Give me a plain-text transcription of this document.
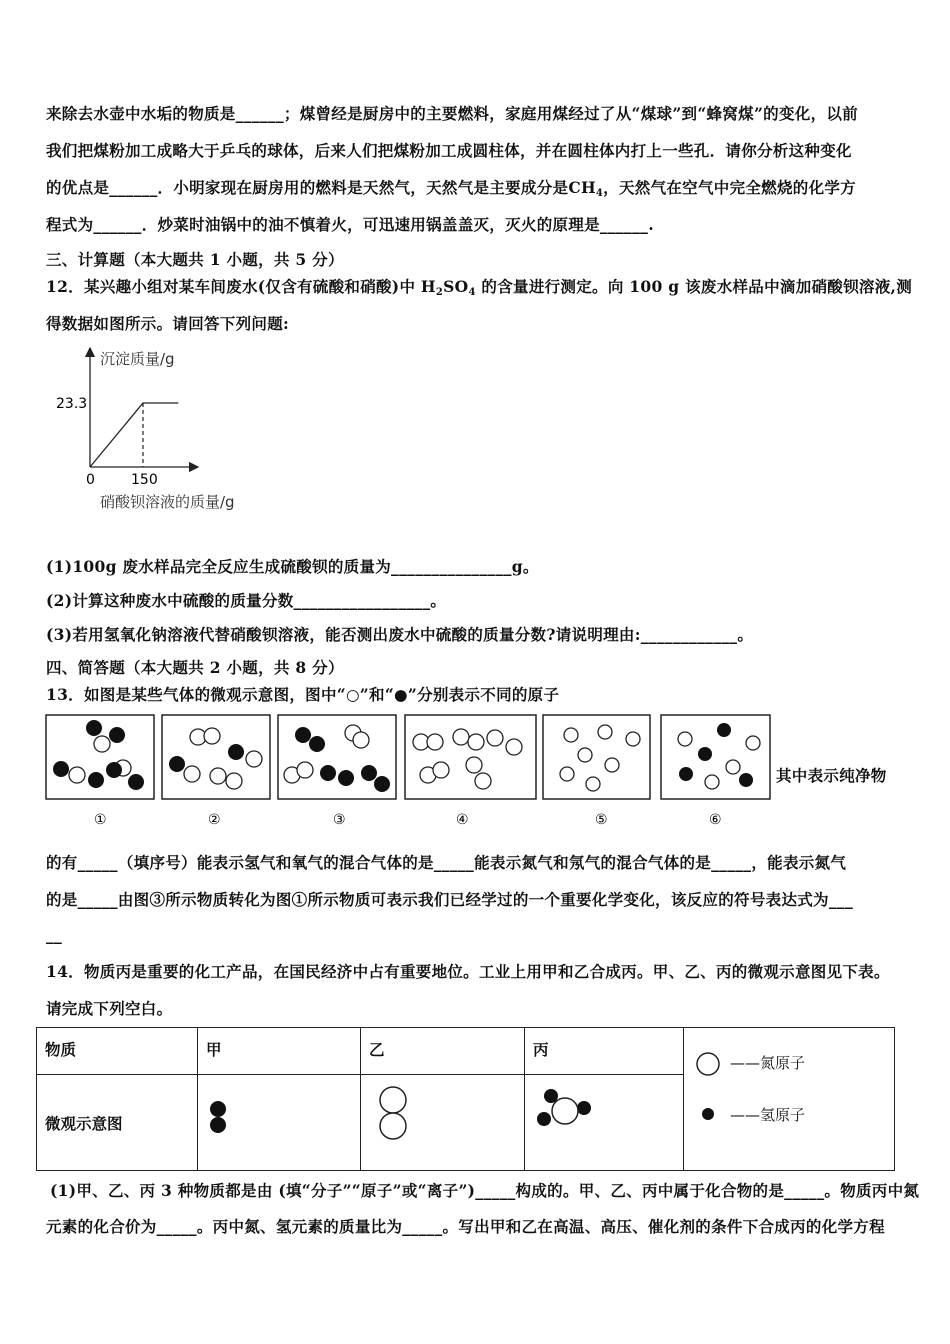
来除去水壶中水垢的物质是______；煤曾经是厨房中的主要燃料，家庭用煤经过了从“煤球”到“蜂窝煤”的变化，以前
我们把煤粉加工成略大于乒乓的球体，后来人们把煤粉加工成圆柱体，并在圆柱体内打上一些孔．请你分析这种变化
的优点是______．小明家现在厨房用的燃料是天然气，天然气是主要成分是$CH_4$，天然气在空气中完全燃烧的化学方
程式为______．炒菜时油锅中的油不慎着火，可迅速用锅盖盖灭，灭火的原理是______.
三、计算题（本大题共 1 小题，共 5 分）
12．某兴趣小组对某车间废水(仅含有硫酸和硝酸)中 $H_2SO_4$ 的含量进行测定。向 100 g 该废水样品中滴加硝酸钡溶液,测
得数据如图所示。请回答下列问题:
沉淀质量/g
硝酸钡溶液的质量/g
23.3
0	150
(1)100g 废水样品完全反应生成硫酸钡的质量为_______________g。
(2)计算这种废水中硫酸的质量分数_________________。
(3)若用氢氧化钠溶液代替硝酸钡溶液，能否测出废水中硫酸的质量分数?请说明理由:____________。
四、简答题（本大题共 2 小题，共 8 分）
13．如图是某些气体的微观示意图，图中“○”和“●”分别表示不同的原子
①	②	③	④	⑤	⑥
其中表示纯净物
的有_____（填序号）能表示氢气和氧气的混合气体的是_____能表示氮气和氖气的混合气体的是_____，能表示氮气
的是_____由图③所示物质转化为图①所示物质可表示我们已经学过的一个重要化学变化，该反应的符号表达式为___
__
14．物质丙是重要的化工产品，在国民经济中占有重要地位。工业上用甲和乙合成丙。甲、乙、丙的微观示意图见下表。
请完成下列空白。
物质	甲	乙	丙	——氮原子
——氢原子

微观示意图

(1)甲、乙、丙 3 种物质都是由 (填“分子”“原子”或“离子”)_____构成的。甲、乙、丙中属于化合物的是_____。物质丙中氮
元素的化合价为_____。丙中氮、氢元素的质量比为_____。写出甲和乙在高温、高压、催化剂的条件下合成丙的化学方程
